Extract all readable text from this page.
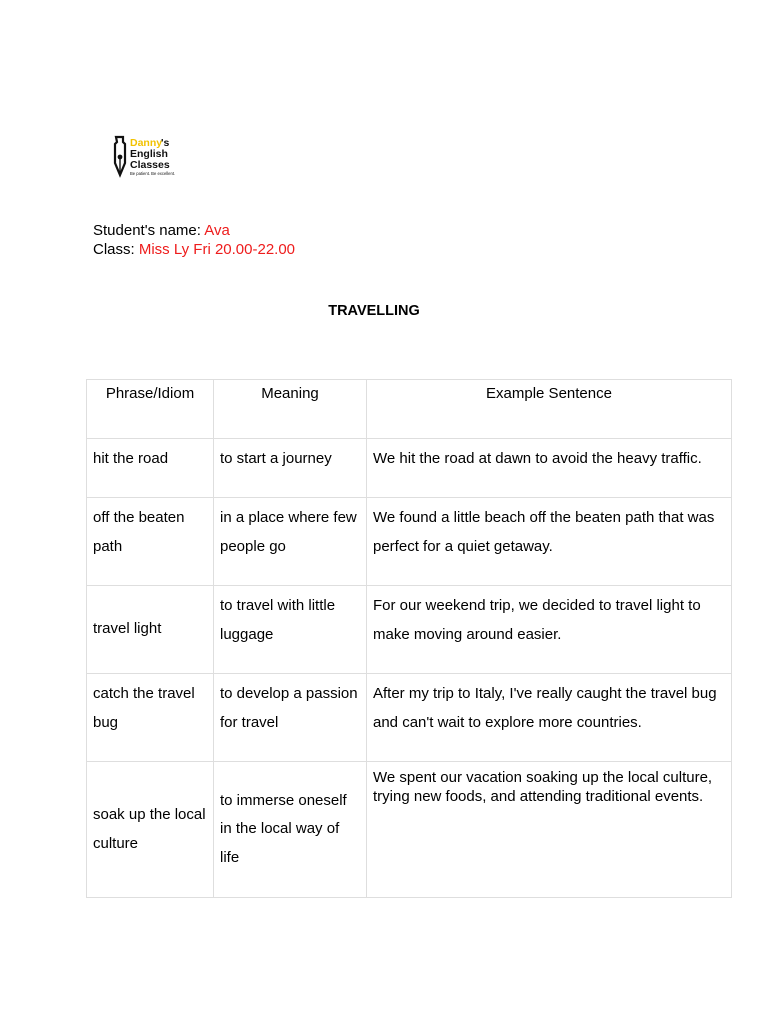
Danny
's
English
Classes
Be patient. Be excellent.
Student's name: Ava
Class: Miss Ly Fri 20.00-22.00
TRAVELLING
Phrase/Idiom	Meaning	Example Sentence
hit the road	to start a journey	We hit the road at dawn to avoid the heavy traffic.
off the beaten path	in a place where few people go	We found a little beach off the beaten path that was perfect for a quiet getaway.
travel light	to travel with little luggage	For our weekend trip, we decided to travel light to make moving around easier.
catch the travel bug	to develop a passion for travel	After my trip to Italy, I've really caught the travel bug and can't wait to explore more countries.
soak up the local culture	to immerse oneself in the local way of life	We spent our vacation soaking up the local culture, trying new foods, and attending traditional events.
